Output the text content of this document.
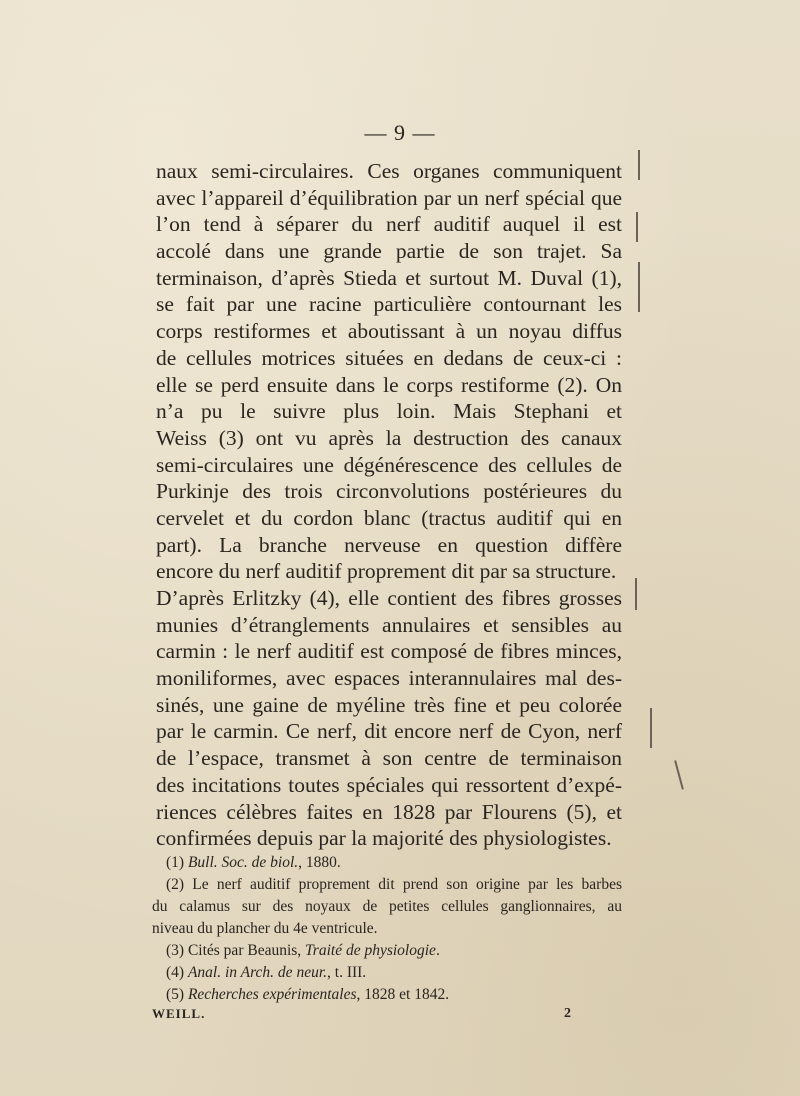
— 9 —
naux semi-circulaires. Ces organes communiquent
avec l’appareil d’équilibration par un nerf spécial que
l’on tend à séparer du nerf auditif auquel il est
accolé dans une grande partie de son trajet. Sa
terminaison, d’après Stieda et surtout M. Duval (1),
se fait par une racine particulière contournant les
corps restiformes et aboutissant à un noyau diffus
de cellules motrices situées en dedans de ceux-ci :
elle se perd ensuite dans le corps restiforme (2). On
n’a pu le suivre plus loin. Mais Stephani et
Weiss (3) ont vu après la destruction des canaux
semi-circulaires une dégénérescence des cellules de
Purkinje des trois circonvolutions postérieures du
cervelet et du cordon blanc (tractus auditif qui en
part). La branche nerveuse en question diffère
encore du nerf auditif proprement dit par sa structure.
D’après Erlitzky (4), elle contient des fibres grosses
munies d’étranglements annulaires et sensibles au
carmin : le nerf auditif est composé de fibres minces,
moniliformes, avec espaces interannulaires mal des-
sinés, une gaine de myéline très fine et peu colorée
par le carmin. Ce nerf, dit encore nerf de Cyon, nerf
de l’espace, transmet à son centre de terminaison
des incitations toutes spéciales qui ressortent d’expé-
riences célèbres faites en 1828 par Flourens (5), et
confirmées depuis par la majorité des physiologistes.
(1) Bull. Soc. de biol., 1880.
(2) Le nerf auditif proprement dit prend son origine par les barbes
du calamus sur des noyaux de petites cellules ganglionnaires, au
niveau du plancher du 4e ventricule.
(3) Cités par Beaunis, Traité de physiologie.
(4) Anal. in Arch. de neur., t. III.
(5) Recherches expérimentales, 1828 et 1842.
WEILL.	2
